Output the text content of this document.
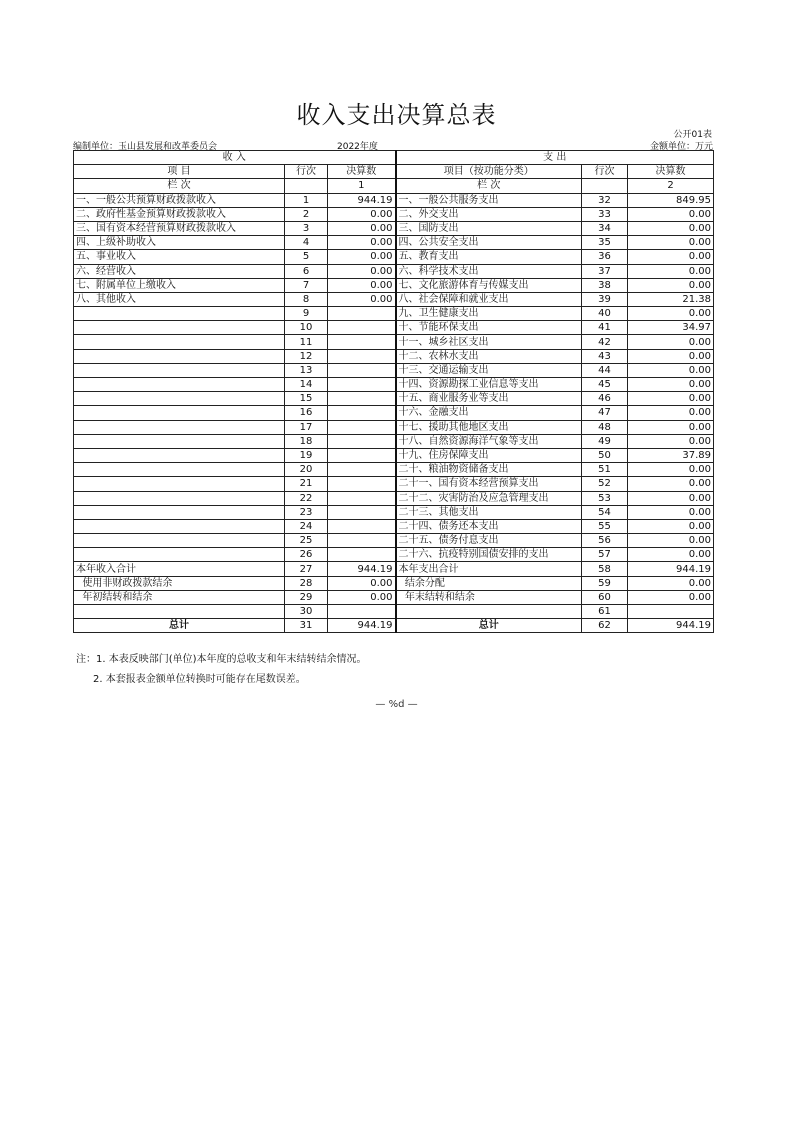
收入支出决算总表
公开01表
编制单位：玉山县发展和改革委员会	2022年度	金额单位：万元
收 入			支 出		
项 目	行次	决算数	项目（按功能分类）	行次	决算数
栏 次		1	栏 次		2
一、一般公共预算财政拨款收入	1	944.19	一、一般公共服务支出	32	849.95
二、政府性基金预算财政拨款收入	2	0.00	二、外交支出	33	0.00
三、国有资本经营预算财政拨款收入	3	0.00	三、国防支出	34	0.00
四、上级补助收入	4	0.00	四、公共安全支出	35	0.00
五、事业收入	5	0.00	五、教育支出	36	0.00
六、经营收入	6	0.00	六、科学技术支出	37	0.00
七、附属单位上缴收入	7	0.00	七、文化旅游体育与传媒支出	38	0.00
八、其他收入	8	0.00	八、社会保障和就业支出	39	21.38
	9		九、卫生健康支出	40	0.00
	10		十、节能环保支出	41	34.97
	11		十一、城乡社区支出	42	0.00
	12		十二、农林水支出	43	0.00
	13		十三、交通运输支出	44	0.00
	14		十四、资源勘探工业信息等支出	45	0.00
	15		十五、商业服务业等支出	46	0.00
	16		十六、金融支出	47	0.00
	17		十七、援助其他地区支出	48	0.00
	18		十八、自然资源海洋气象等支出	49	0.00
	19		十九、住房保障支出	50	37.89
	20		二十、粮油物资储备支出	51	0.00
	21		二十一、国有资本经营预算支出	52	0.00
	22		二十二、灾害防治及应急管理支出	53	0.00
	23		二十三、其他支出	54	0.00
	24		二十四、债务还本支出	55	0.00
	25		二十五、债务付息支出	56	0.00
	26		二十六、抗疫特别国债安排的支出	57	0.00
本年收入合计	27	944.19	本年支出合计	58	944.19
使用非财政拨款结余	28	0.00	结余分配	59	0.00
年初结转和结余	29	0.00	年末结转和结余	60	0.00
	30			61	
总计	31	944.19	总计	62	944.19
注：1. 本表反映部门(单位)本年度的总收支和年末结转结余情况。
2. 本套报表金额单位转换时可能存在尾数误差。
— %d —
